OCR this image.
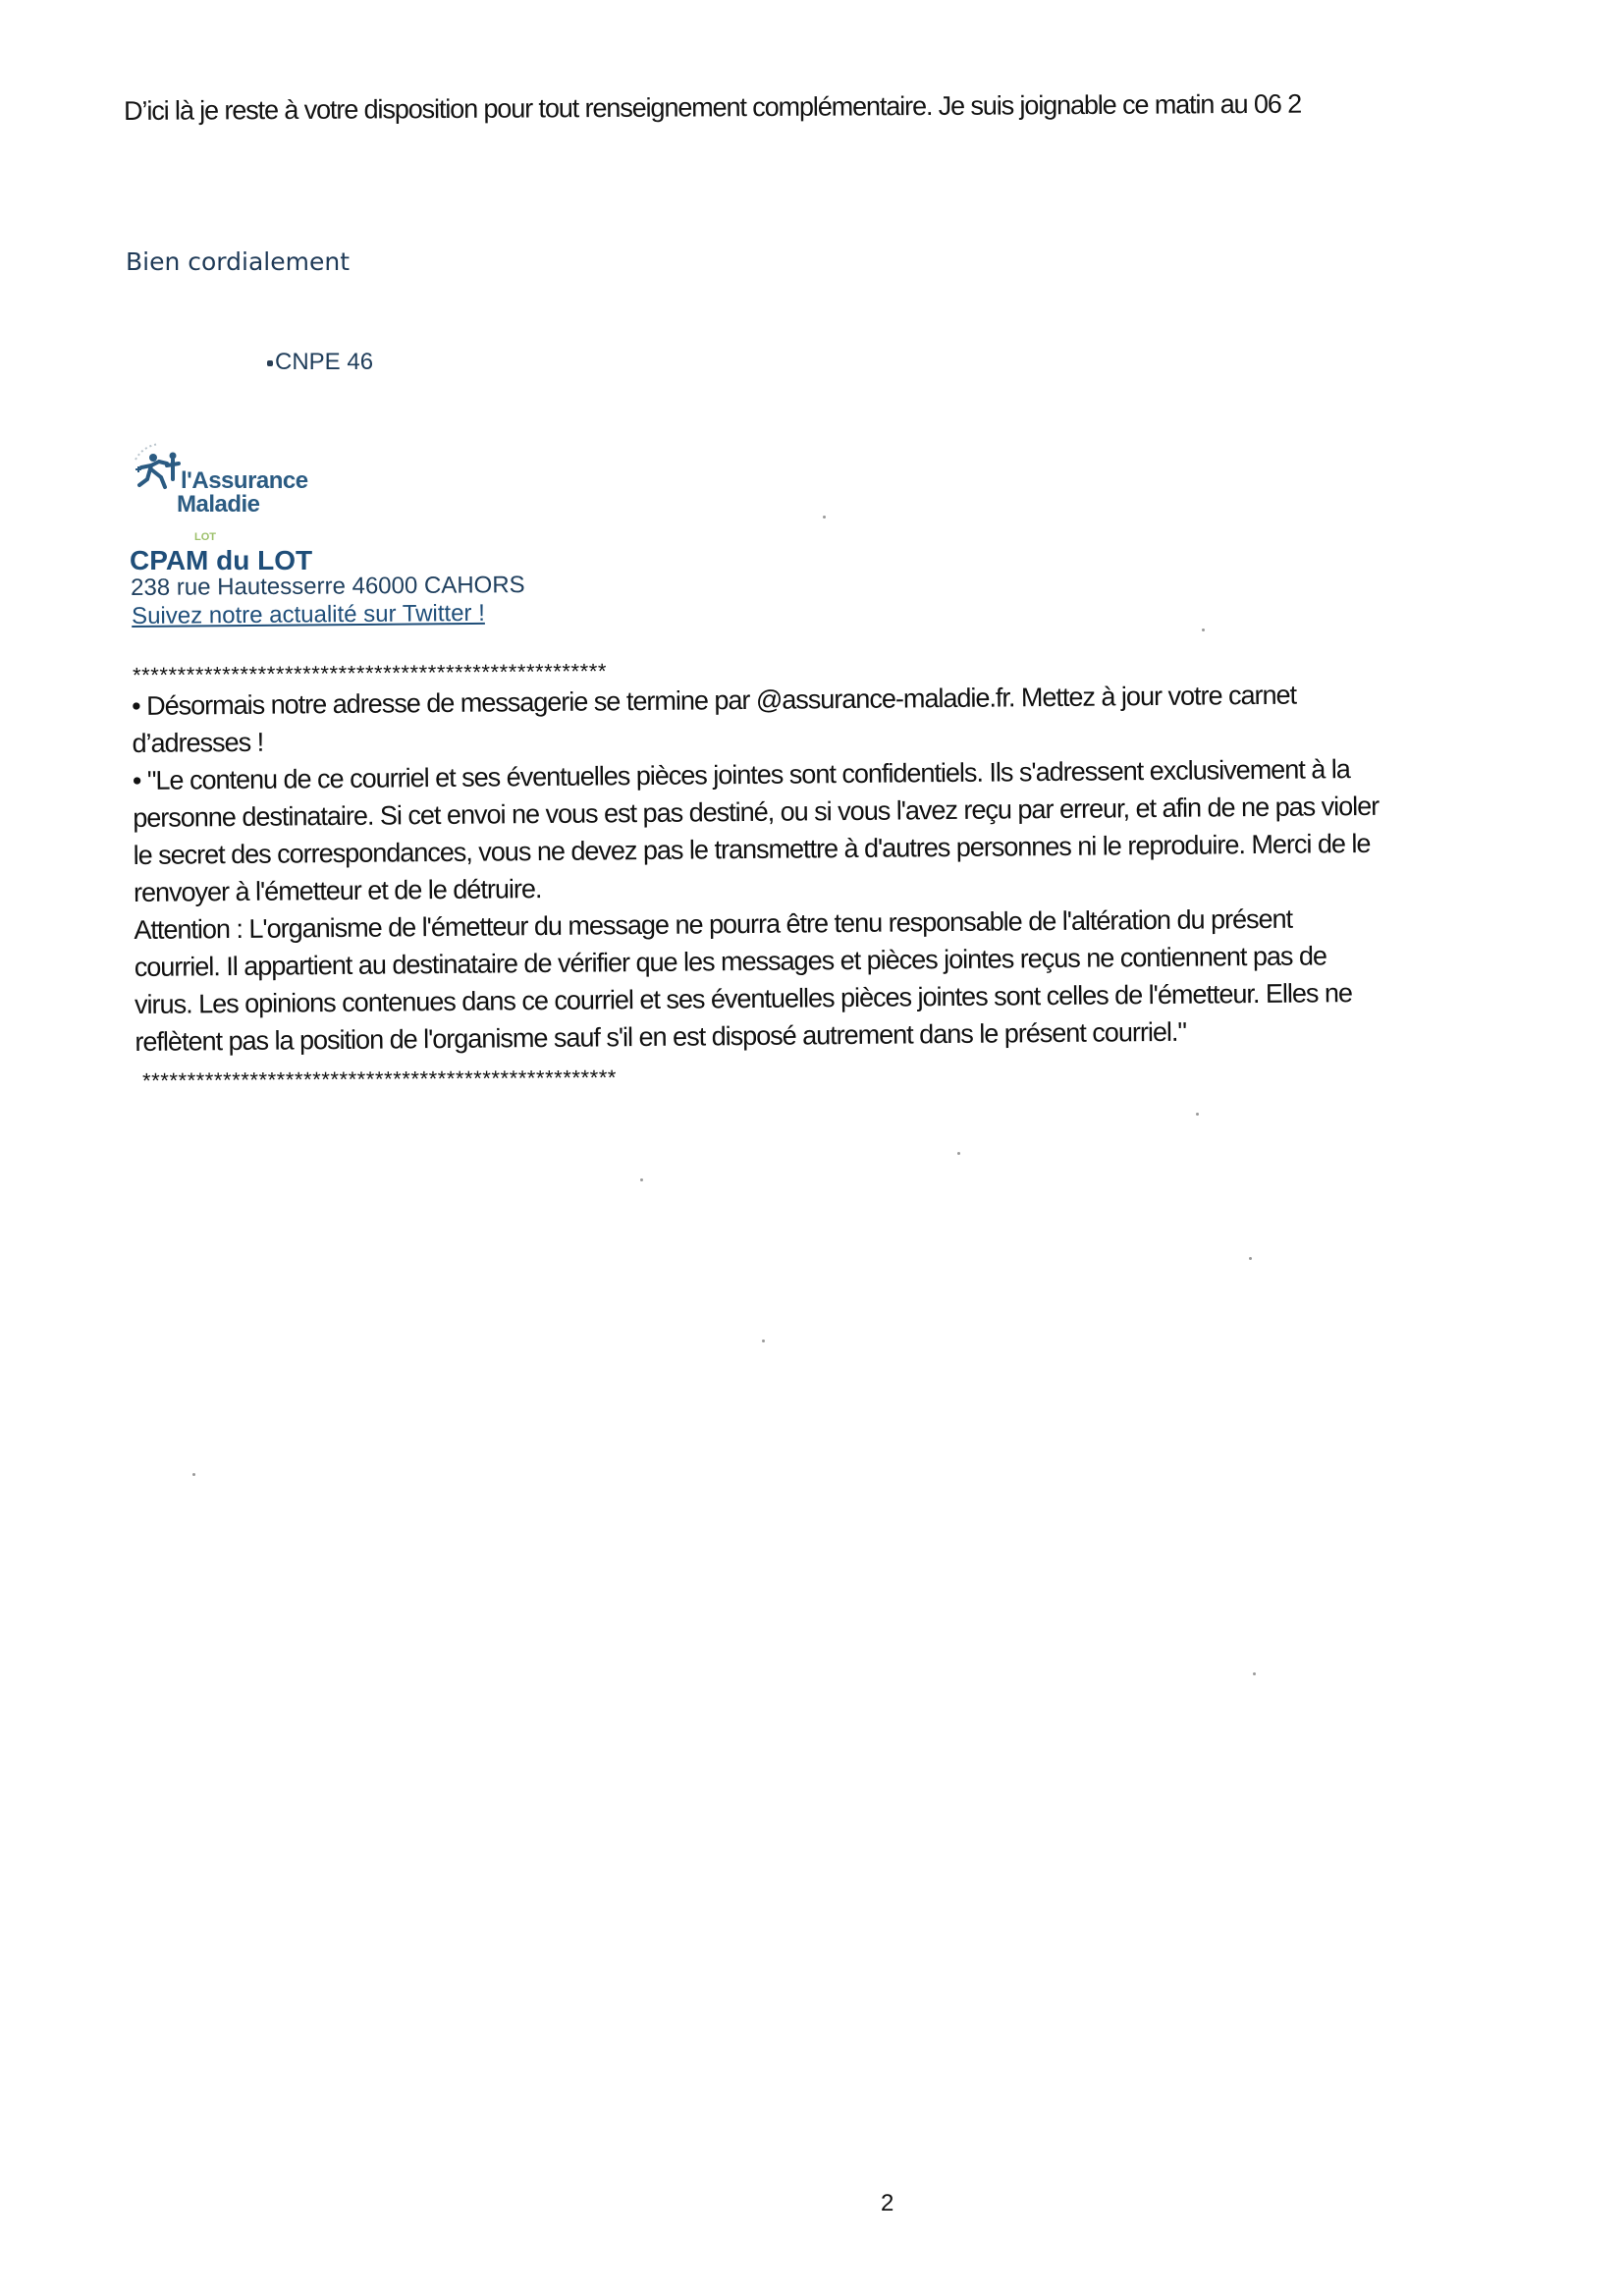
D’ici là je reste à votre disposition pour tout renseignement complémentaire. Je suis joignable ce matin au 06 2
Bien cordialement
CNPE 46
l'Assurance
Maladie
LOT
CPAM du LOT
238 rue Hautesserre 46000 CAHORS
Suivez notre actualité sur Twitter !
*****************************************************
• Désormais notre adresse de messagerie se termine par @assurance-maladie.fr. Mettez à jour votre carnet
d’adresses !
• "Le contenu de ce courriel et ses éventuelles pièces jointes sont confidentiels. Ils s'adressent exclusivement à la
personne destinataire. Si cet envoi ne vous est pas destiné, ou si vous l'avez reçu par erreur, et afin de ne pas violer
le secret des correspondances, vous ne devez pas le transmettre à d'autres personnes ni le reproduire. Merci de le
renvoyer à l'émetteur et de le détruire.
Attention : L'organisme de l'émetteur du message ne pourra être tenu responsable de l'altération du présent
courriel. Il appartient au destinataire de vérifier que les messages et pièces jointes reçus ne contiennent pas de
virus. Les opinions contenues dans ce courriel et ses éventuelles pièces jointes sont celles de l'émetteur. Elles ne
reflètent pas la position de l'organisme sauf s'il en est disposé autrement dans le présent courriel."
*****************************************************
2
